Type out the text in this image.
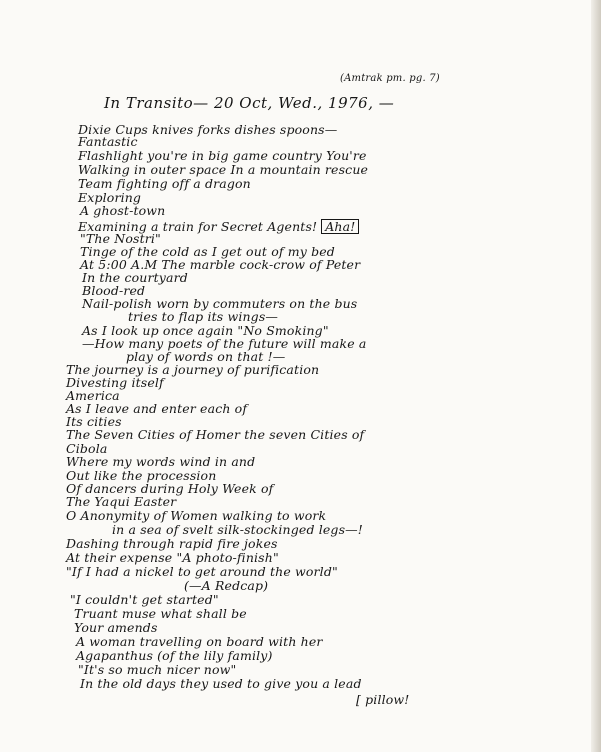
(Amtrak pm. pg. 7)
In Transito— 20 Oct, Wed., 1976, —
Dixie Cups knives forks dishes spoons—
Fantastic
Flashlight you're in big game country You're
Walking in outer space In a mountain rescue
Team fighting off a dragon
Exploring
A ghost-town
Examining a train for Secret Agents! Aha!
"The Nostri"
Tinge of the cold as I get out of my bed
At 5:00 A.M The marble cock-crow of Peter
In the courtyard
Blood-red
Nail-polish worn by commuters on the bus
tries to flap its wings—
As I look up once again "No Smoking"
—How many poets of the future will make a
play of words on that !—
The journey is a journey of purification
Divesting itself
America
As I leave and enter each of
Its cities
The Seven Cities of Homer the seven Cities of
Cibola
Where my words wind in and
Out like the procession
Of dancers during Holy Week of
The Yaqui Easter
O Anonymity of Women walking to work
in a sea of svelt silk-stockinged legs—!
Dashing through rapid fire jokes
At their expense "A photo-finish"
"If I had a nickel to get around the world"
(—A Redcap)
"I couldn't get started"
Truant muse what shall be
Your amends
A woman travelling on board with her
Agapanthus (of the lily family)
"It's so much nicer now"
In the old days they used to give you a lead
[ pillow!
